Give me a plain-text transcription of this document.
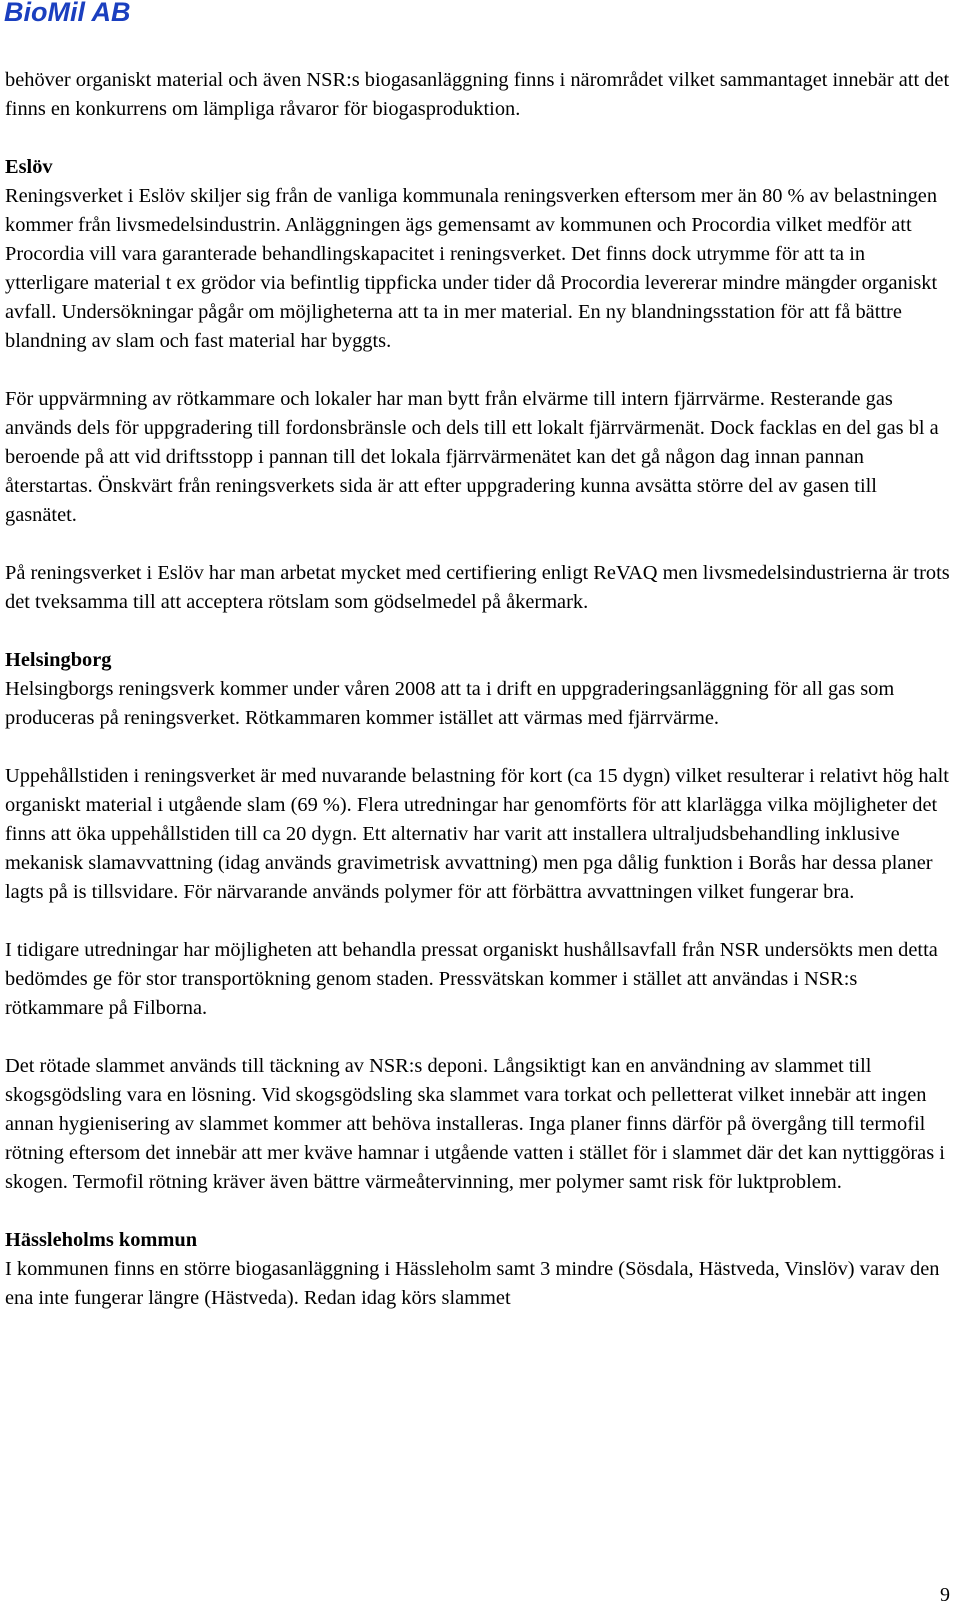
BioMil AB

behöver organiskt material och även NSR:s biogasanläggning finns i närområdet vilket sammantaget innebär att det finns en konkurrens om lämpliga råvaror för biogasproduktion.

Eslöv
Reningsverket i Eslöv skiljer sig från de vanliga kommunala reningsverken eftersom mer än 80 % av belastningen kommer från livsmedelsindustrin. Anläggningen ägs gemensamt av kommunen och Procordia vilket medför att Procordia vill vara garanterade behandlingskapacitet i reningsverket. Det finns dock utrymme för att ta in ytterligare material t ex grödor via befintlig tippficka under tider då Procordia levererar mindre mängder organiskt avfall. Undersökningar pågår om möjligheterna att ta in mer material. En ny blandningsstation för att få bättre blandning av slam och fast material har byggts.

För uppvärmning av rötkammare och lokaler har man bytt från elvärme till intern fjärrvärme. Resterande gas används dels för uppgradering till fordonsbränsle och dels till ett lokalt fjärrvärmenät. Dock facklas en del gas bl a beroende på att vid driftsstopp i pannan till det lokala fjärrvärmenätet kan det gå någon dag innan pannan återstartas. Önskvärt från reningsverkets sida är att efter uppgradering kunna avsätta större del av gasen till gasnätet.

På reningsverket i Eslöv har man arbetat mycket med certifiering enligt ReVAQ men livsmedelsindustrierna är trots det tveksamma till att acceptera rötslam som gödselmedel på åkermark.

Helsingborg
Helsingborgs reningsverk kommer under våren 2008 att ta i drift en uppgraderingsanläggning för all gas som produceras på reningsverket. Rötkammaren kommer istället att värmas med fjärrvärme.

Uppehållstiden i reningsverket är med nuvarande belastning för kort (ca 15 dygn) vilket resulterar i relativt hög halt organiskt material i utgående slam (69 %). Flera utredningar har genomförts för att klarlägga vilka möjligheter det finns att öka uppehållstiden till ca 20 dygn. Ett alternativ har varit att installera ultraljudsbehandling inklusive mekanisk slamavvattning (idag används gravimetrisk avvattning) men pga dålig funktion i Borås har dessa planer lagts på is tillsvidare. För närvarande används polymer för att förbättra avvattningen vilket fungerar bra.

I tidigare utredningar har möjligheten att behandla pressat organiskt hushållsavfall från NSR undersökts men detta bedömdes ge för stor transportökning genom staden. Pressvätskan kommer i stället att användas i NSR:s rötkammare på Filborna.

Det rötade slammet används till täckning av NSR:s deponi. Långsiktigt kan en användning av slammet till skogsgödsling vara en lösning. Vid skogsgödsling ska slammet vara torkat och pelletterat vilket innebär att ingen annan hygienisering av slammet kommer att behöva installeras. Inga planer finns därför på övergång till termofil rötning eftersom det innebär att mer kväve hamnar i utgående vatten i stället för i slammet där det kan nyttiggöras i skogen. Termofil rötning kräver även bättre värmeåtervinning, mer polymer samt risk för luktproblem.

Hässleholms kommun
I kommunen finns en större biogasanläggning i Hässleholm samt 3 mindre (Sösdala, Hästveda, Vinslöv) varav den ena inte fungerar längre (Hästveda). Redan idag körs slammet

9
